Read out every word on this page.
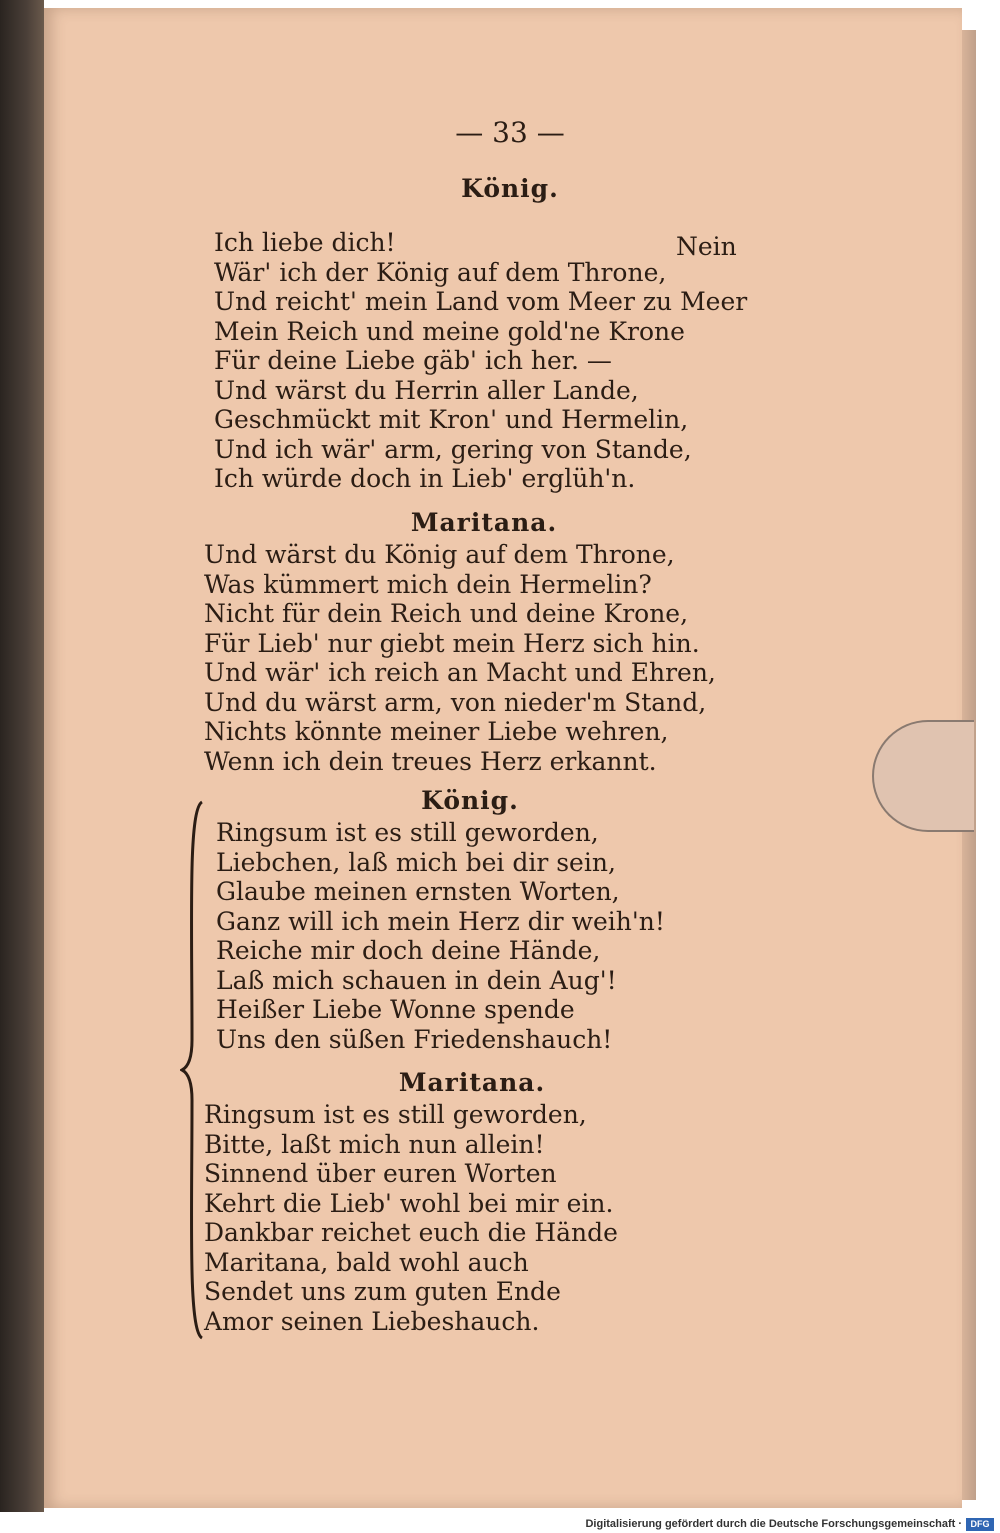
— 33 —
Nein
König.
Ich liebe dich!
Wär' ich der König auf dem Throne,
Und reicht' mein Land vom Meer zu Meer
Mein Reich und meine gold'ne Krone
Für deine Liebe gäb' ich her. —
Und wärst du Herrin aller Lande,
Geschmückt mit Kron' und Hermelin,
Und ich wär' arm, gering von Stande,
Ich würde doch in Lieb' erglüh'n.
Maritana.
Und wärst du König auf dem Throne,
Was kümmert mich dein Hermelin?
Nicht für dein Reich und deine Krone,
Für Lieb' nur giebt mein Herz sich hin.
Und wär' ich reich an Macht und Ehren,
Und du wärst arm, von nieder'm Stand,
Nichts könnte meiner Liebe wehren,
Wenn ich dein treues Herz erkannt.
König.
Ringsum ist es still geworden,
Liebchen, laß mich bei dir sein,
Glaube meinen ernsten Worten,
Ganz will ich mein Herz dir weih'n!
Reiche mir doch deine Hände,
Laß mich schauen in dein Aug'!
Heißer Liebe Wonne spende
Uns den süßen Friedenshauch!
Maritana.
Ringsum ist es still geworden,
Bitte, laßt mich nun allein!
Sinnend über euren Worten
Kehrt die Lieb' wohl bei mir ein.
Dankbar reichet euch die Hände
Maritana, bald wohl auch
Sendet uns zum guten Ende
Amor seinen Liebeshauch.
Digitalisierung gefördert durch die Deutsche Forschungsgemeinschaft · DFG
